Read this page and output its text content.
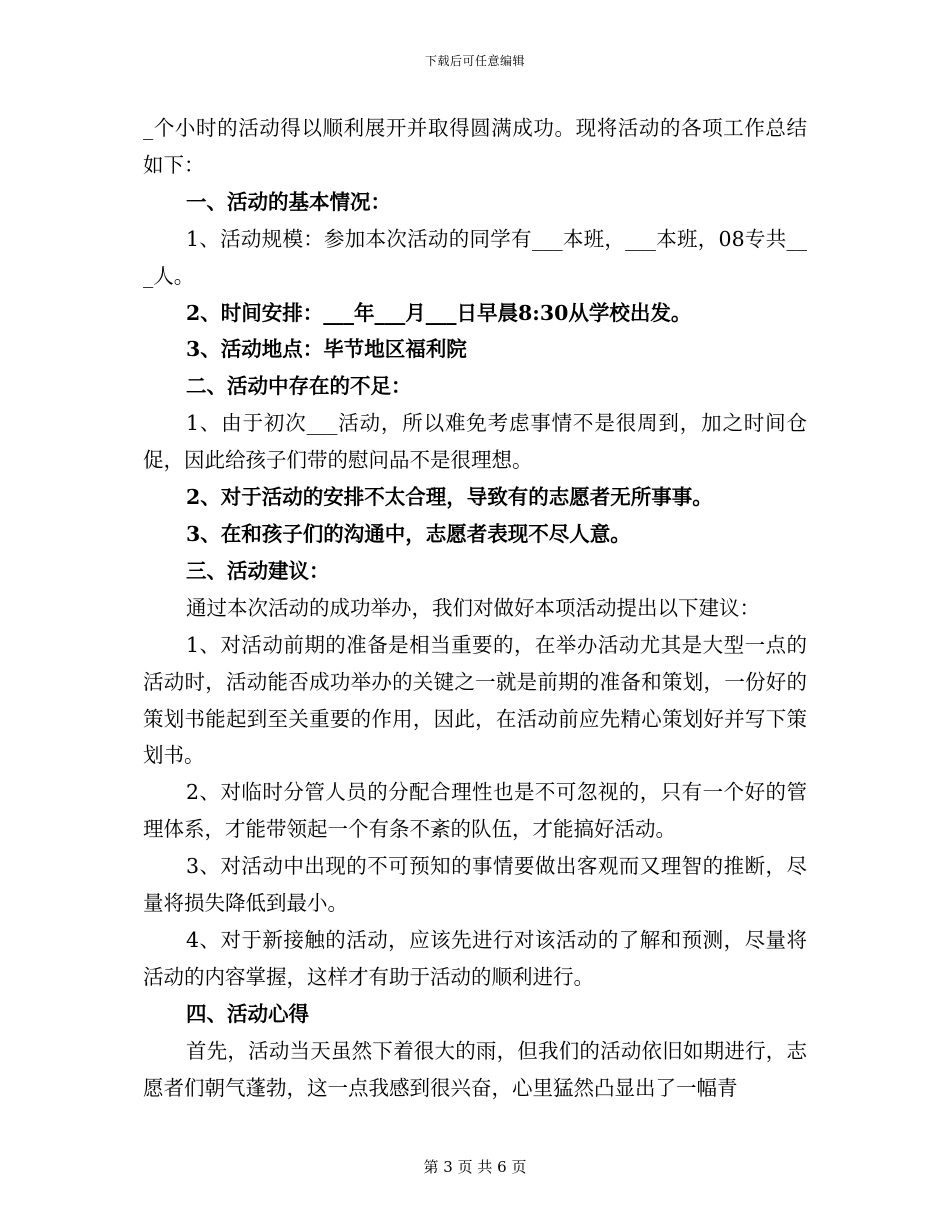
下载后可任意编辑

_个小时的活动得以顺利展开并取得圆满成功。现将活动的各项工作总结如下：

一、活动的基本情况：

1、活动规模：参加本次活动的同学有___本班，___本班，08专共___人。

2、时间安排：___年___月___日早晨8:30从学校出发。

3、活动地点：毕节地区福利院

二、活动中存在的不足：

1、由于初次___活动，所以难免考虑事情不是很周到，加之时间仓促，因此给孩子们带的慰问品不是很理想。

2、对于活动的安排不太合理，导致有的志愿者无所事事。

3、在和孩子们的沟通中，志愿者表现不尽人意。

三、活动建议：

通过本次活动的成功举办，我们对做好本项活动提出以下建议：

1、对活动前期的准备是相当重要的，在举办活动尤其是大型一点的活动时，活动能否成功举办的关键之一就是前期的准备和策划，一份好的策划书能起到至关重要的作用，因此，在活动前应先精心策划好并写下策划书。

2、对临时分管人员的分配合理性也是不可忽视的，只有一个好的管理体系，才能带领起一个有条不紊的队伍，才能搞好活动。

3、对活动中出现的不可预知的事情要做出客观而又理智的推断，尽量将损失降低到最小。

4、对于新接触的活动，应该先进行对该活动的了解和预测，尽量将活动的内容掌握，这样才有助于活动的顺利进行。

四、活动心得

首先，活动当天虽然下着很大的雨，但我们的活动依旧如期进行，志愿者们朝气蓬勃，这一点我感到很兴奋，心里猛然凸显出了一幅青

第 3 页 共 6 页
